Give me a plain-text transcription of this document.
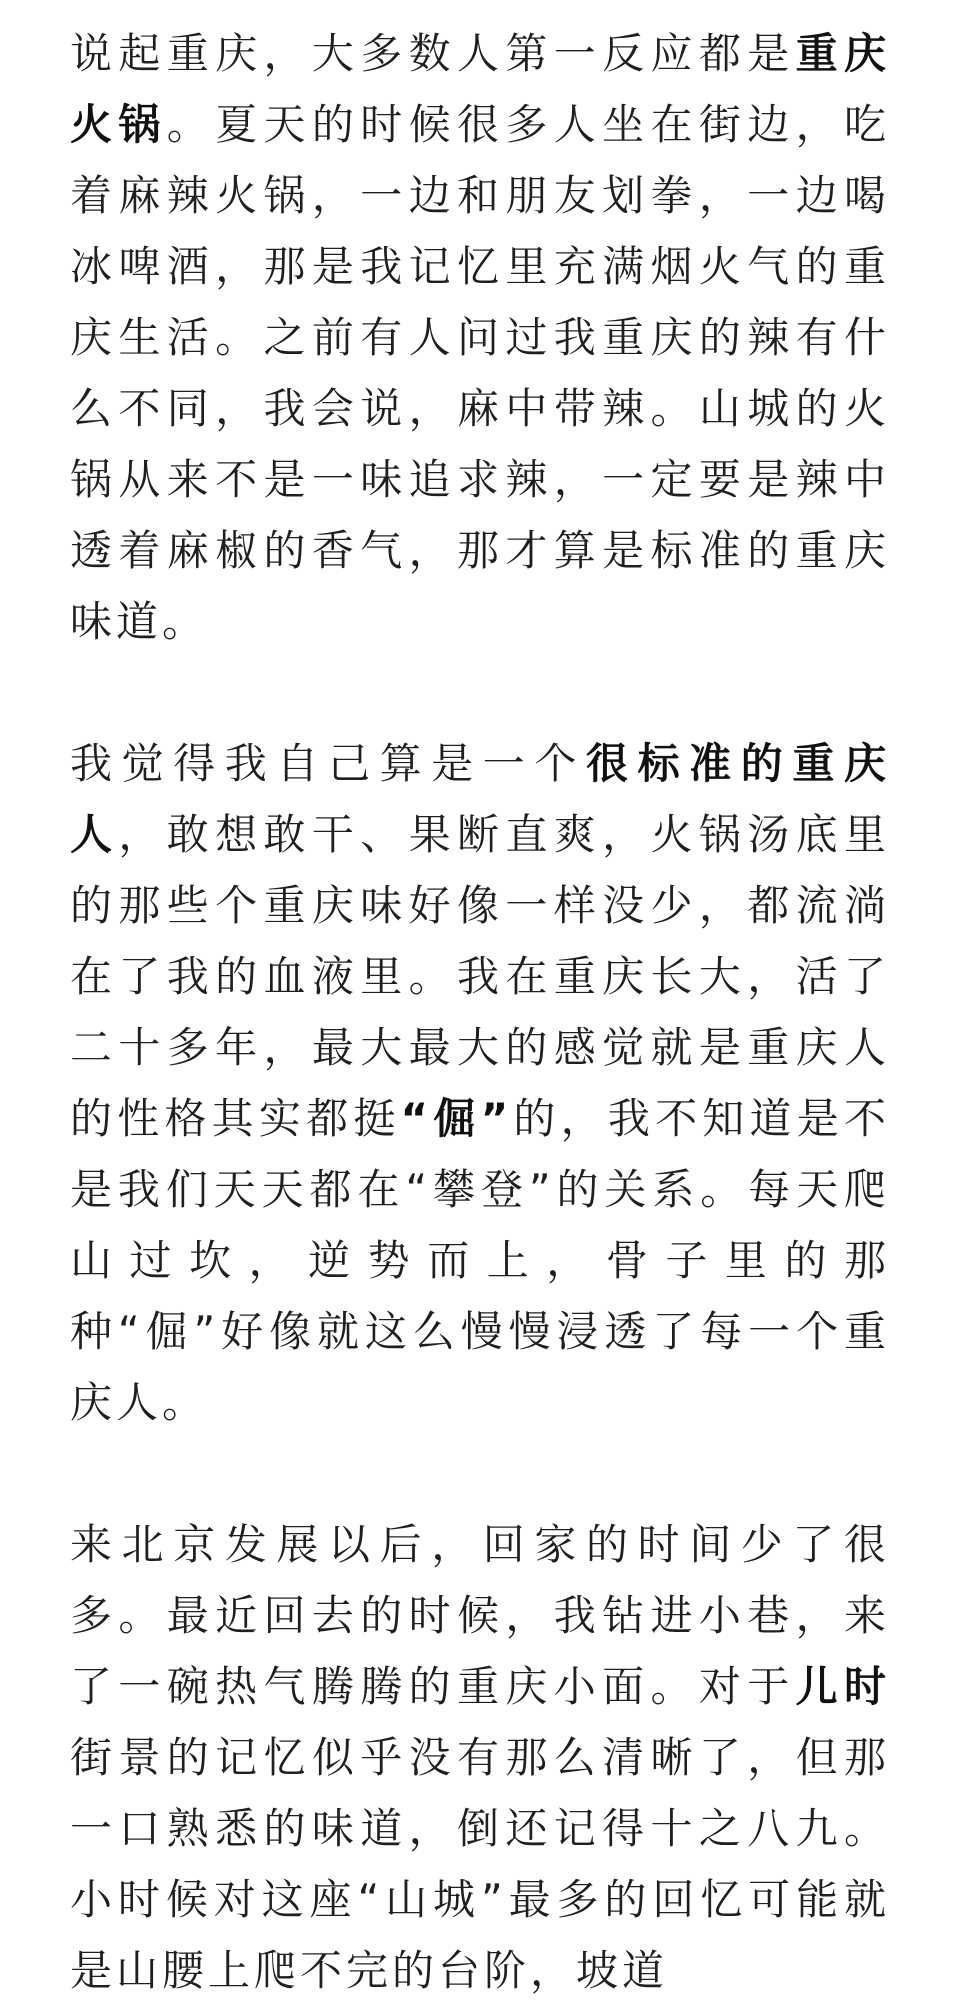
说起重庆，大多数人第一反应都是重庆火锅。夏天的时候很多人坐在街边，吃着麻辣火锅，一边和朋友划拳，一边喝冰啤酒，那是我记忆里充满烟火气的重庆生活。之前有人问过我重庆的辣有什么不同，我会说，麻中带辣。山城的火锅从来不是一味追求辣，一定要是辣中透着麻椒的香气，那才算是标准的重庆味道。

我觉得我自己算是一个很标准的重庆人，敢想敢干、果断直爽，火锅汤底里的那些个重庆味好像一样没少，都流淌在了我的血液里。我在重庆长大，活了二十多年，最大最大的感觉就是重庆人的性格其实都挺“倔”的，我不知道是不是我们天天都在“攀登”的关系。每天爬山过坎，逆势而上，骨子里的那种“倔”好像就这么慢慢浸透了每一个重庆人。

来北京发展以后，回家的时间少了很多。最近回去的时候，我钻进小巷，来了一碗热气腾腾的重庆小面。对于儿时街景的记忆似乎没有那么清晰了，但那一口熟悉的味道，倒还记得十之八九。小时候对这座“山城”最多的回忆可能就是山腰上爬不完的台阶，坡道
